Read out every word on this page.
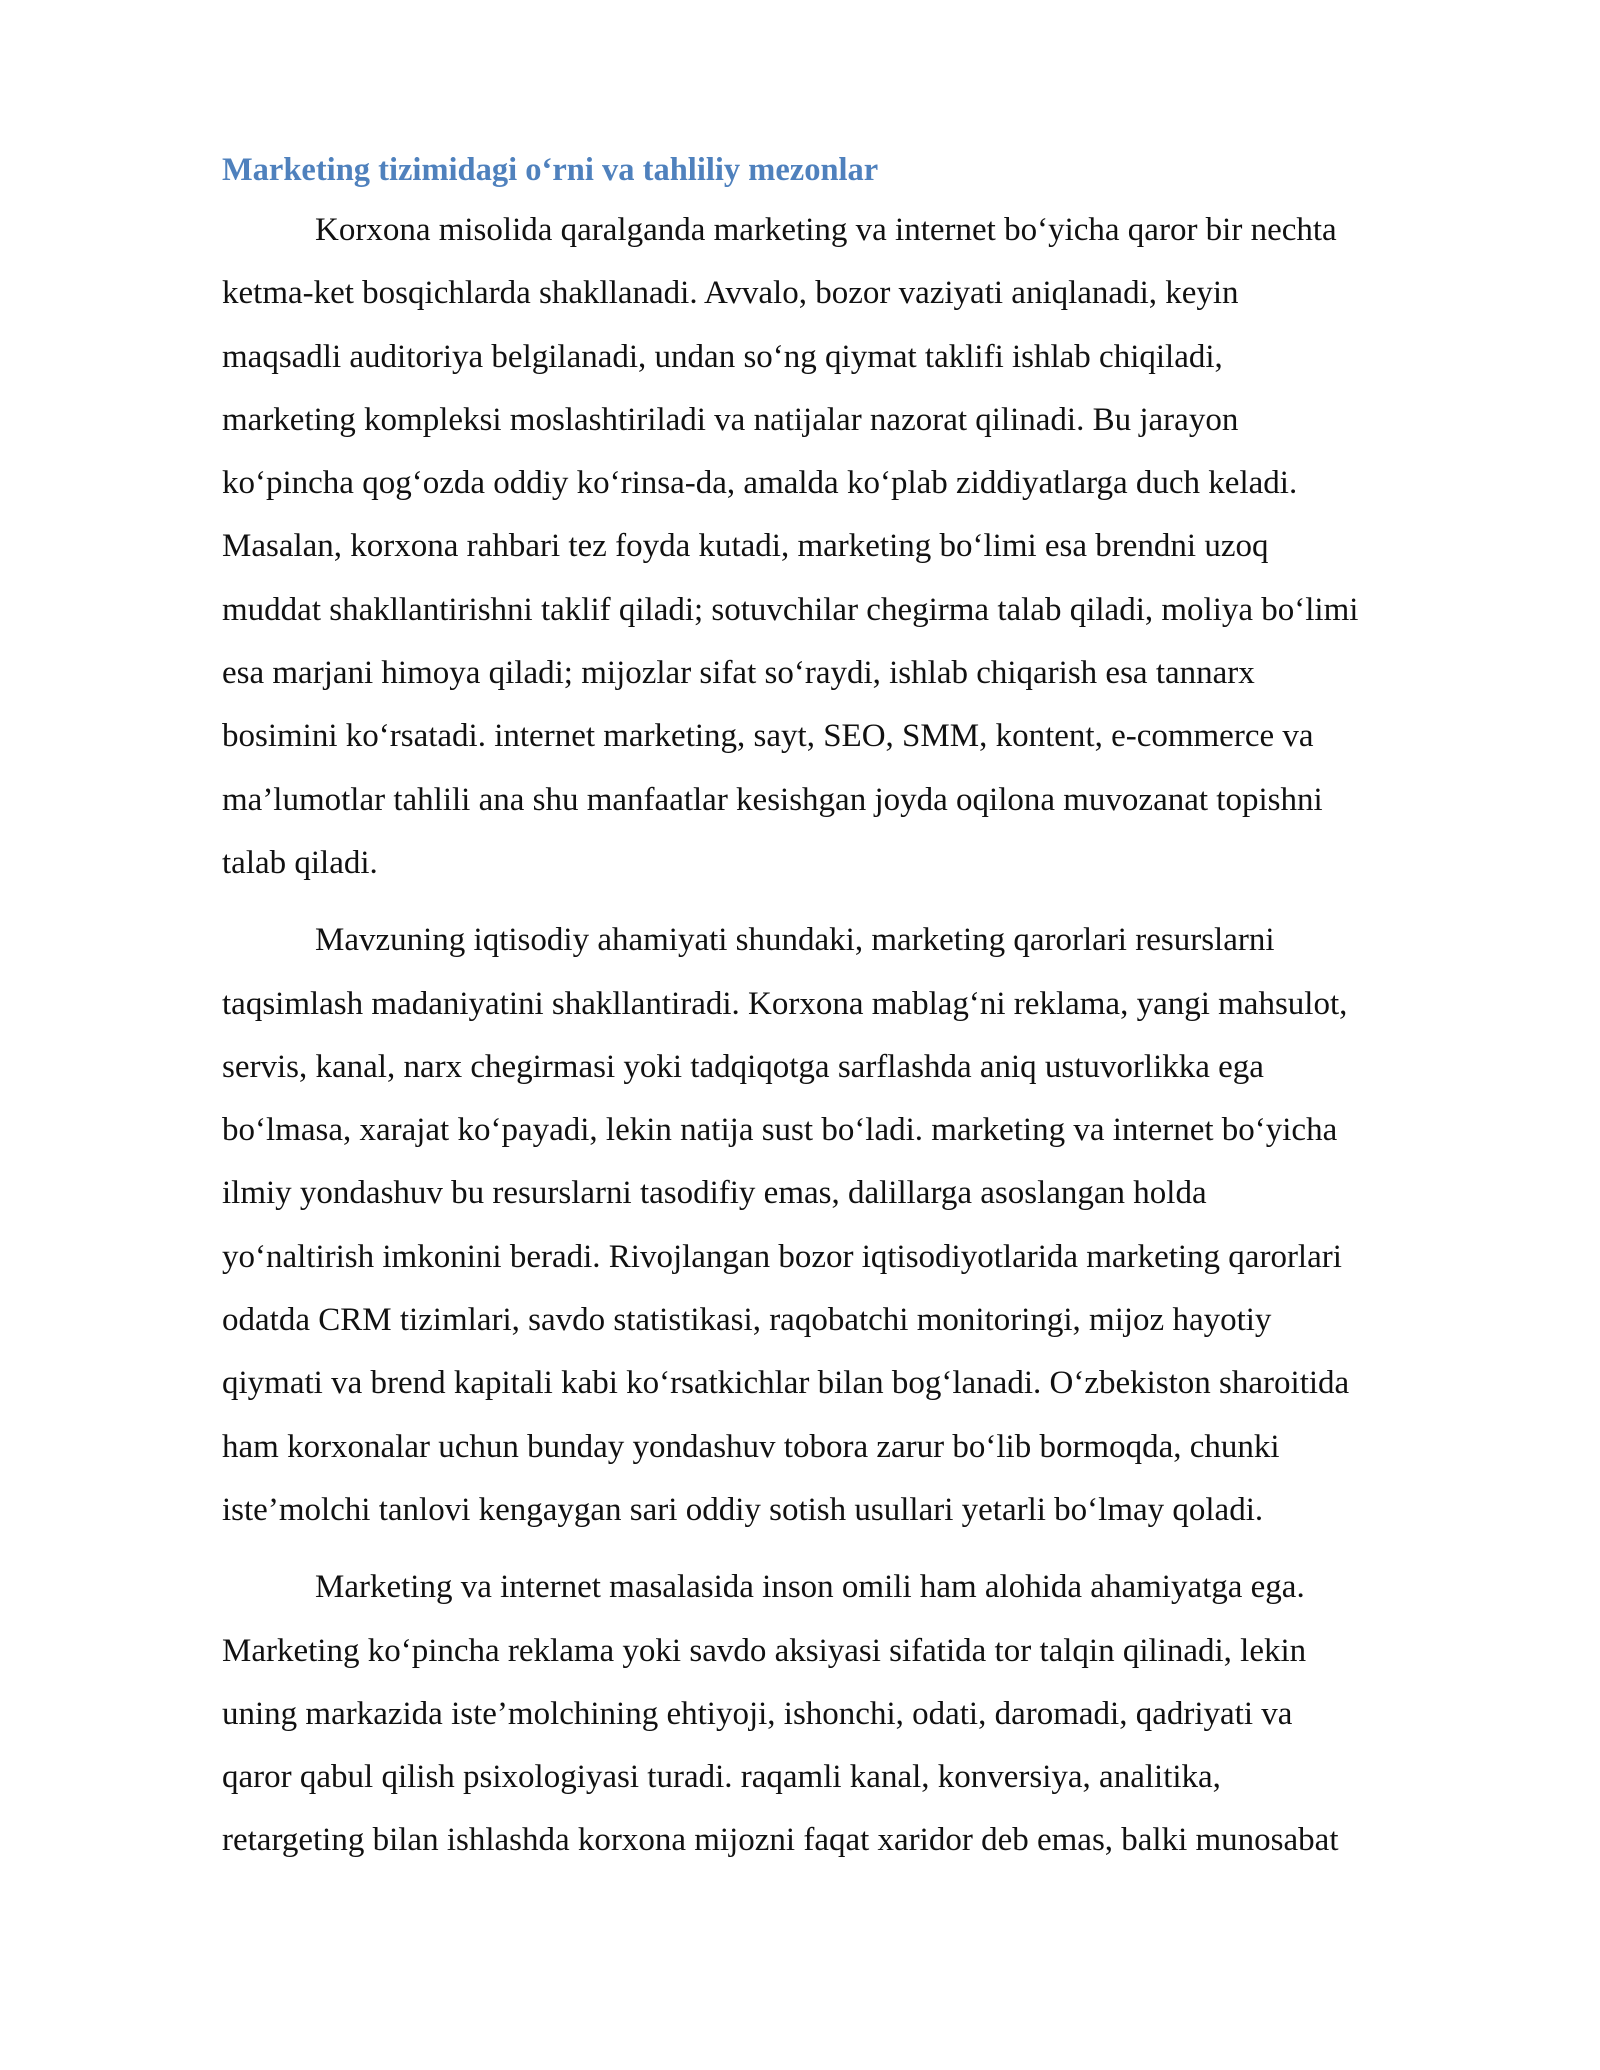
Marketing tizimidagi o‘rni va tahliliy mezonlar

Korxona misolida qaralganda marketing va internet bo‘yicha qaror bir nechta
ketma-ket bosqichlarda shakllanadi. Avvalo, bozor vaziyati aniqlanadi, keyin
maqsadli auditoriya belgilanadi, undan so‘ng qiymat taklifi ishlab chiqiladi,
marketing kompleksi moslashtiriladi va natijalar nazorat qilinadi. Bu jarayon
ko‘pincha qog‘ozda oddiy ko‘rinsa-da, amalda ko‘plab ziddiyatlarga duch keladi.
Masalan, korxona rahbari tez foyda kutadi, marketing bo‘limi esa brendni uzoq
muddat shakllantirishni taklif qiladi; sotuvchilar chegirma talab qiladi, moliya bo‘limi
esa marjani himoya qiladi; mijozlar sifat so‘raydi, ishlab chiqarish esa tannarx
bosimini ko‘rsatadi. internet marketing, sayt, SEO, SMM, kontent, e-commerce va
ma’lumotlar tahlili ana shu manfaatlar kesishgan joyda oqilona muvozanat topishni
talab qiladi.

Mavzuning iqtisodiy ahamiyati shundaki, marketing qarorlari resurslarni
taqsimlash madaniyatini shakllantiradi. Korxona mablag‘ni reklama, yangi mahsulot,
servis, kanal, narx chegirmasi yoki tadqiqotga sarflashda aniq ustuvorlikka ega
bo‘lmasa, xarajat ko‘payadi, lekin natija sust bo‘ladi. marketing va internet bo‘yicha
ilmiy yondashuv bu resurslarni tasodifiy emas, dalillarga asoslangan holda
yo‘naltirish imkonini beradi. Rivojlangan bozor iqtisodiyotlarida marketing qarorlari
odatda CRM tizimlari, savdo statistikasi, raqobatchi monitoringi, mijoz hayotiy
qiymati va brend kapitali kabi ko‘rsatkichlar bilan bog‘lanadi. O‘zbekiston sharoitida
ham korxonalar uchun bunday yondashuv tobora zarur bo‘lib bormoqda, chunki
iste’molchi tanlovi kengaygan sari oddiy sotish usullari yetarli bo‘lmay qoladi.

Marketing va internet masalasida inson omili ham alohida ahamiyatga ega.
Marketing ko‘pincha reklama yoki savdo aksiyasi sifatida tor talqin qilinadi, lekin
uning markazida iste’molchining ehtiyoji, ishonchi, odati, daromadi, qadriyati va
qaror qabul qilish psixologiyasi turadi. raqamli kanal, konversiya, analitika,
retargeting bilan ishlashda korxona mijozni faqat xaridor deb emas, balki munosabat
